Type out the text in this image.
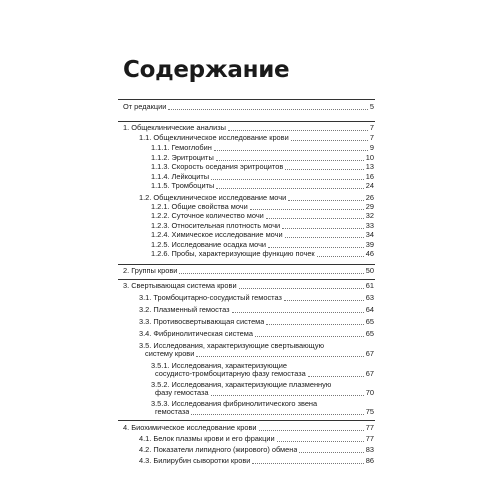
Содержание
От редакции	5
1. Общеклинические анализы	7
1.1. Общеклиническое исследование крови	7
1.1.1. Гемоглобин	9
1.1.2. Эритроциты	10
1.1.3. Скорость оседания эритроцитов	13
1.1.4. Лейкоциты	16
1.1.5. Тромбоциты	24
1.2. Общеклиническое исследование мочи	26
1.2.1. Общие свойства мочи	29
1.2.2. Суточное количество мочи	32
1.2.3. Относительная плотность мочи	33
1.2.4. Химическое исследование мочи	34
1.2.5. Исследование осадка мочи	39
1.2.6. Пробы, характеризующие функцию почек	46
2. Группы крови	50
3. Свертывающая система крови	61
3.1. Тромбоцитарно-сосудистый гемостаз	63
3.2. Плазменный гемостаз	64
3.3. Противосвертывающая система	65
3.4. Фибринолитическая система	65
3.5. Исследования, характеризующие свертывающую
систему крови	67
3.5.1. Исследования, характеризующие
сосудисто-тромбоцитарную фазу гемостаза	67
3.5.2. Исследования, характеризующие плазменную
фазу гемостаза	70
3.5.3. Исследования фибринолитического звена
гемостаза	75
4. Биохимическое исследование крови	77
4.1. Белок плазмы крови и его фракции	77
4.2. Показатели липидного (жирового) обмена	83
4.3. Билирубин сыворотки крови	86
